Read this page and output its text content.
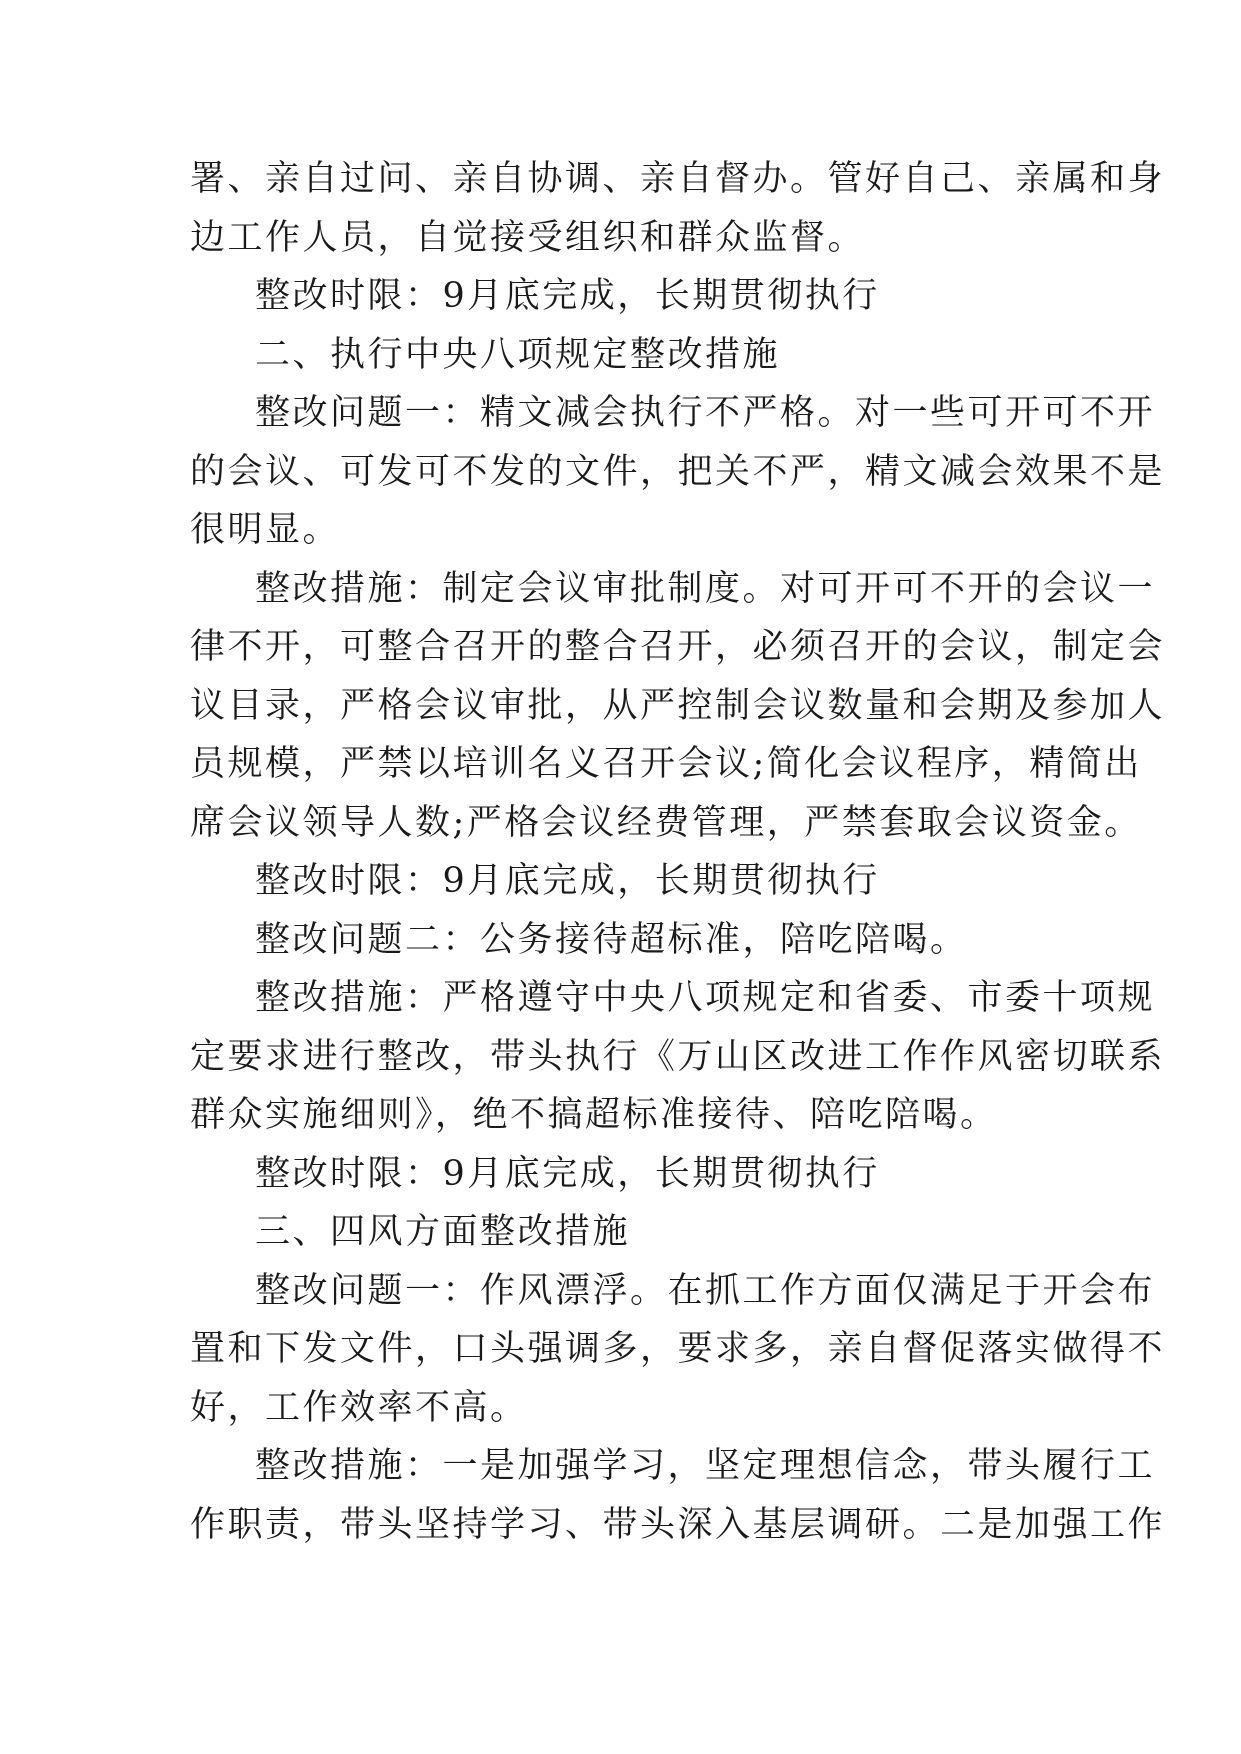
署、亲自过问、亲自协调、亲自督办。管好自己、亲属和身
边工作人员，自觉接受组织和群众监督。
整改时限：9月底完成，长期贯彻执行
二、执行中央八项规定整改措施
整改问题一：精文减会执行不严格。对一些可开可不开
的会议、可发可不发的文件，把关不严，精文减会效果不是
很明显。
整改措施：制定会议审批制度。对可开可不开的会议一
律不开，可整合召开的整合召开，必须召开的会议，制定会
议目录，严格会议审批，从严控制会议数量和会期及参加人
员规模，严禁以培训名义召开会议;简化会议程序，精简出
席会议领导人数;严格会议经费管理，严禁套取会议资金。
整改时限：9月底完成，长期贯彻执行
整改问题二：公务接待超标准，陪吃陪喝。
整改措施：严格遵守中央八项规定和省委、市委十项规
定要求进行整改，带头执行《万山区改进工作作风密切联系
群众实施细则》，绝不搞超标准接待、陪吃陪喝。
整改时限：9月底完成，长期贯彻执行
三、四风方面整改措施
整改问题一：作风漂浮。在抓工作方面仅满足于开会布
置和下发文件，口头强调多，要求多，亲自督促落实做得不
好，工作效率不高。
整改措施：一是加强学习，坚定理想信念，带头履行工
作职责，带头坚持学习、带头深入基层调研。二是加强工作
